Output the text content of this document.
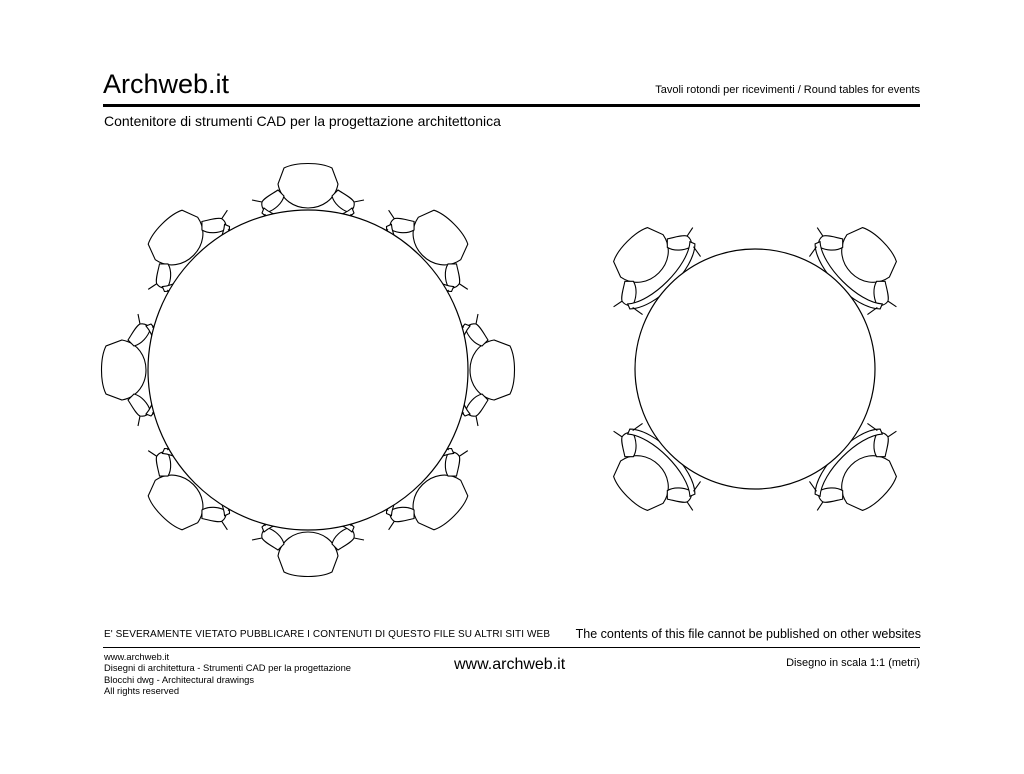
Archweb.it	Tavoli rotondi per ricevimenti / Round tables for events
Contenitore di strumenti CAD per la progettazione architettonica
E' SEVERAMENTE VIETATO PUBBLICARE I CONTENUTI DI QUESTO FILE SU ALTRI SITI WEB The contents of this file cannot be published on other websites
www.archweb.it
Disegni di architettura - Strumenti CAD per la progettazione
Blocchi dwg - Architectural drawings
All rights reserved
www.archweb.it	Disegno in scala 1:1 (metri)
